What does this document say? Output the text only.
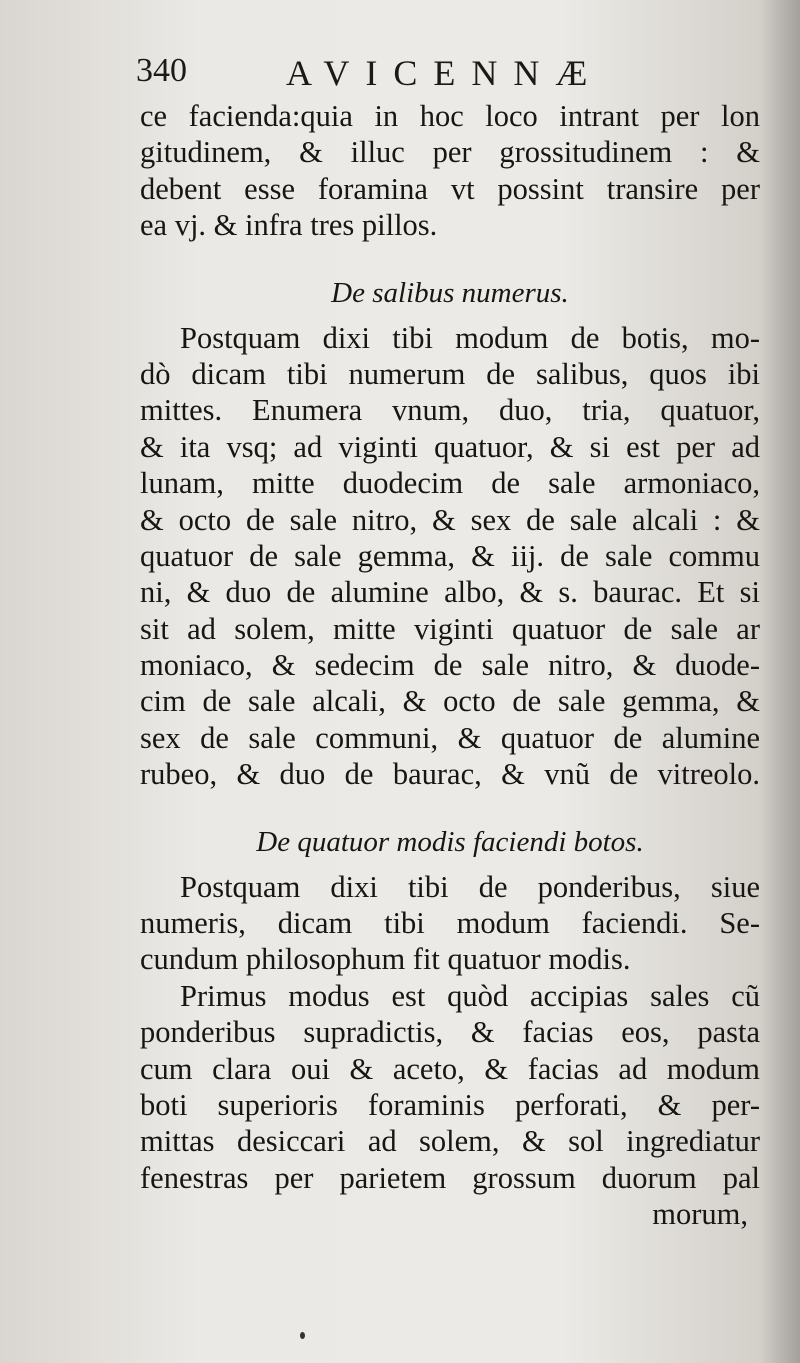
340	AVICENNÆ
ce facienda:quia in hoc loco intrant per lon
gitudinem, & illuc per grossitudinem : &
debent esse foramina vt possint transire per
ea vj. & infra tres pillos.
De salibus numerus.
Postquam dixi tibi modum de botis, mo-
dò dicam tibi numerum de salibus, quos ibi
mittes. Enumera vnum, duo, tria, quatuor,
& ita vsq; ad viginti quatuor, & si est per ad
lunam, mitte duodecim de sale armoniaco,
& octo de sale nitro, & sex de sale alcali : &
quatuor de sale gemma, & iij. de sale commu
ni, & duo de alumine albo, & s. baurac. Et si
sit ad solem, mitte viginti quatuor de sale ar
moniaco, & sedecim de sale nitro, & duode-
cim de sale alcali, & octo de sale gemma, &
sex de sale communi, & quatuor de alumine
rubeo, & duo de baurac, & vnũ de vitreolo.
De quatuor modis faciendi botos.
Postquam dixi tibi de ponderibus, siue
numeris, dicam tibi modum faciendi. Se-
cundum philosophum fit quatuor modis.
Primus modus est quòd accipias sales cũ
ponderibus supradictis, & facias eos, pasta
cum clara oui & aceto, & facias ad modum
boti superioris foraminis perforati, & per-
mittas desiccari ad solem, & sol ingrediatur
fenestras per parietem grossum duorum pal
morum,
